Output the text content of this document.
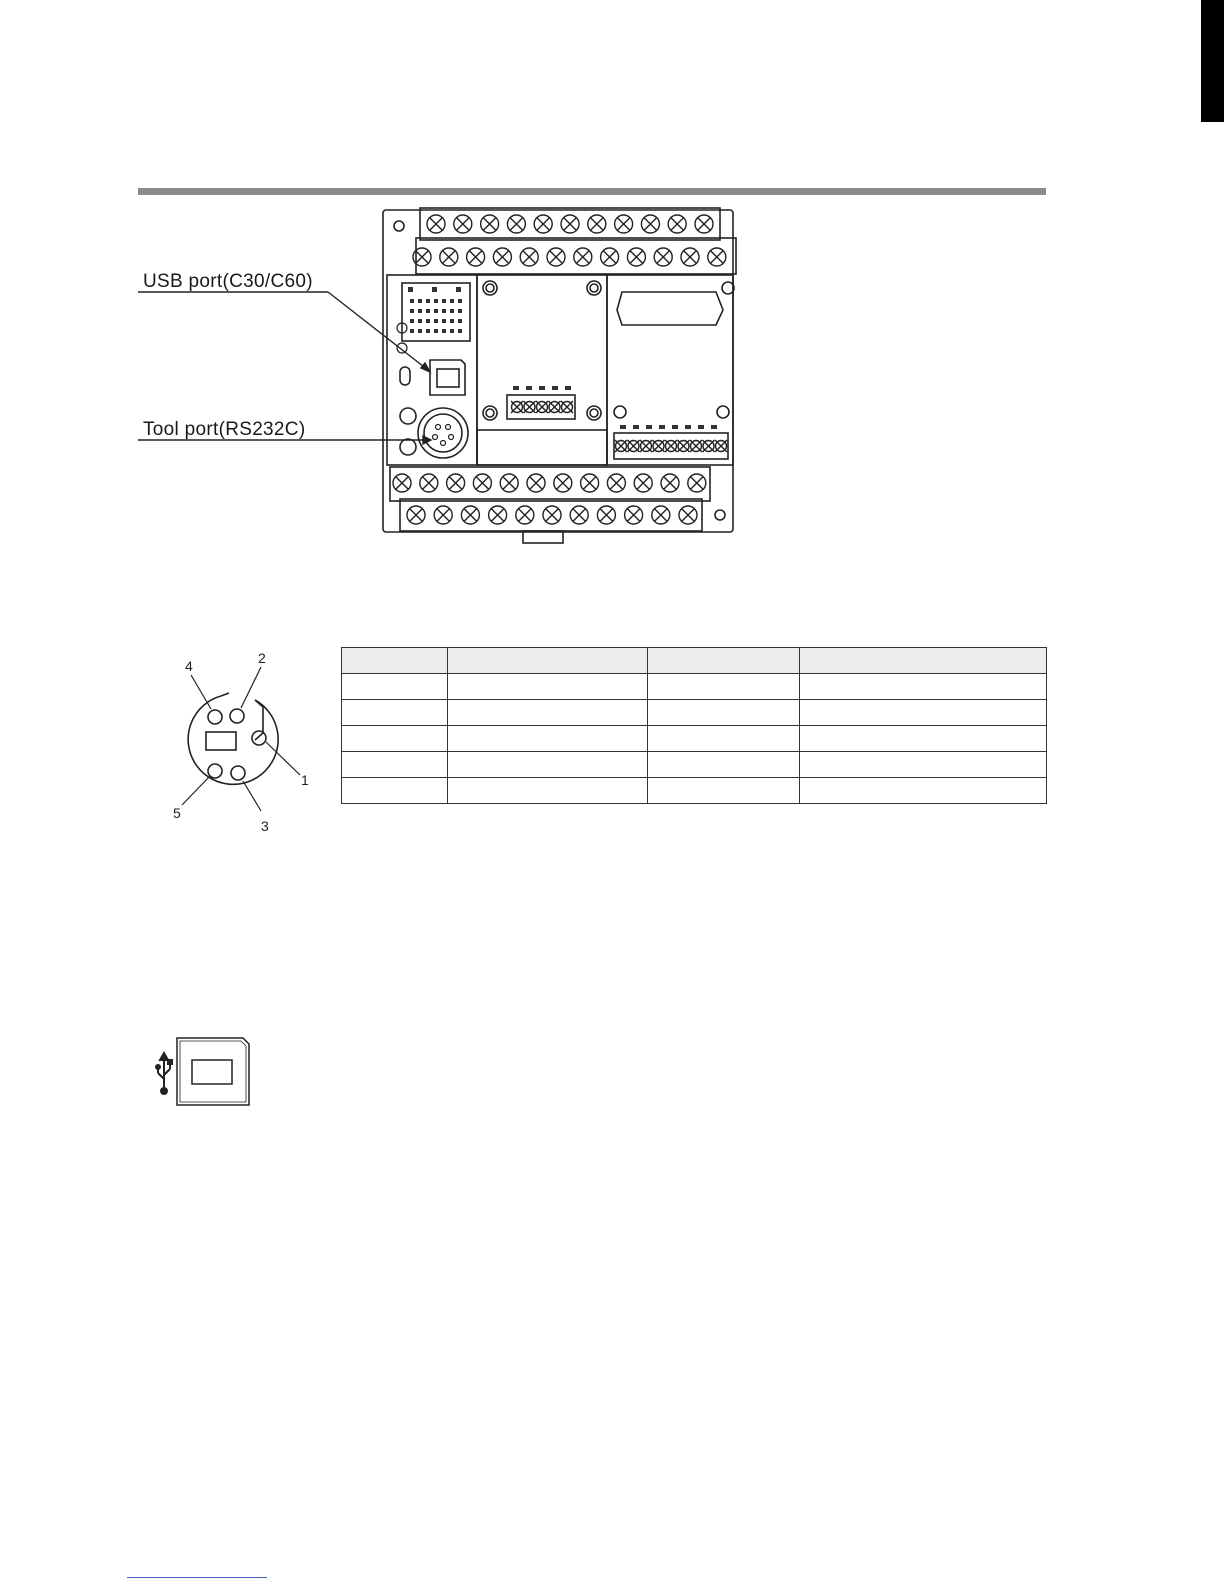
USB port(C30/C60)
Tool port(RS232C)
4	2
1
5
3
